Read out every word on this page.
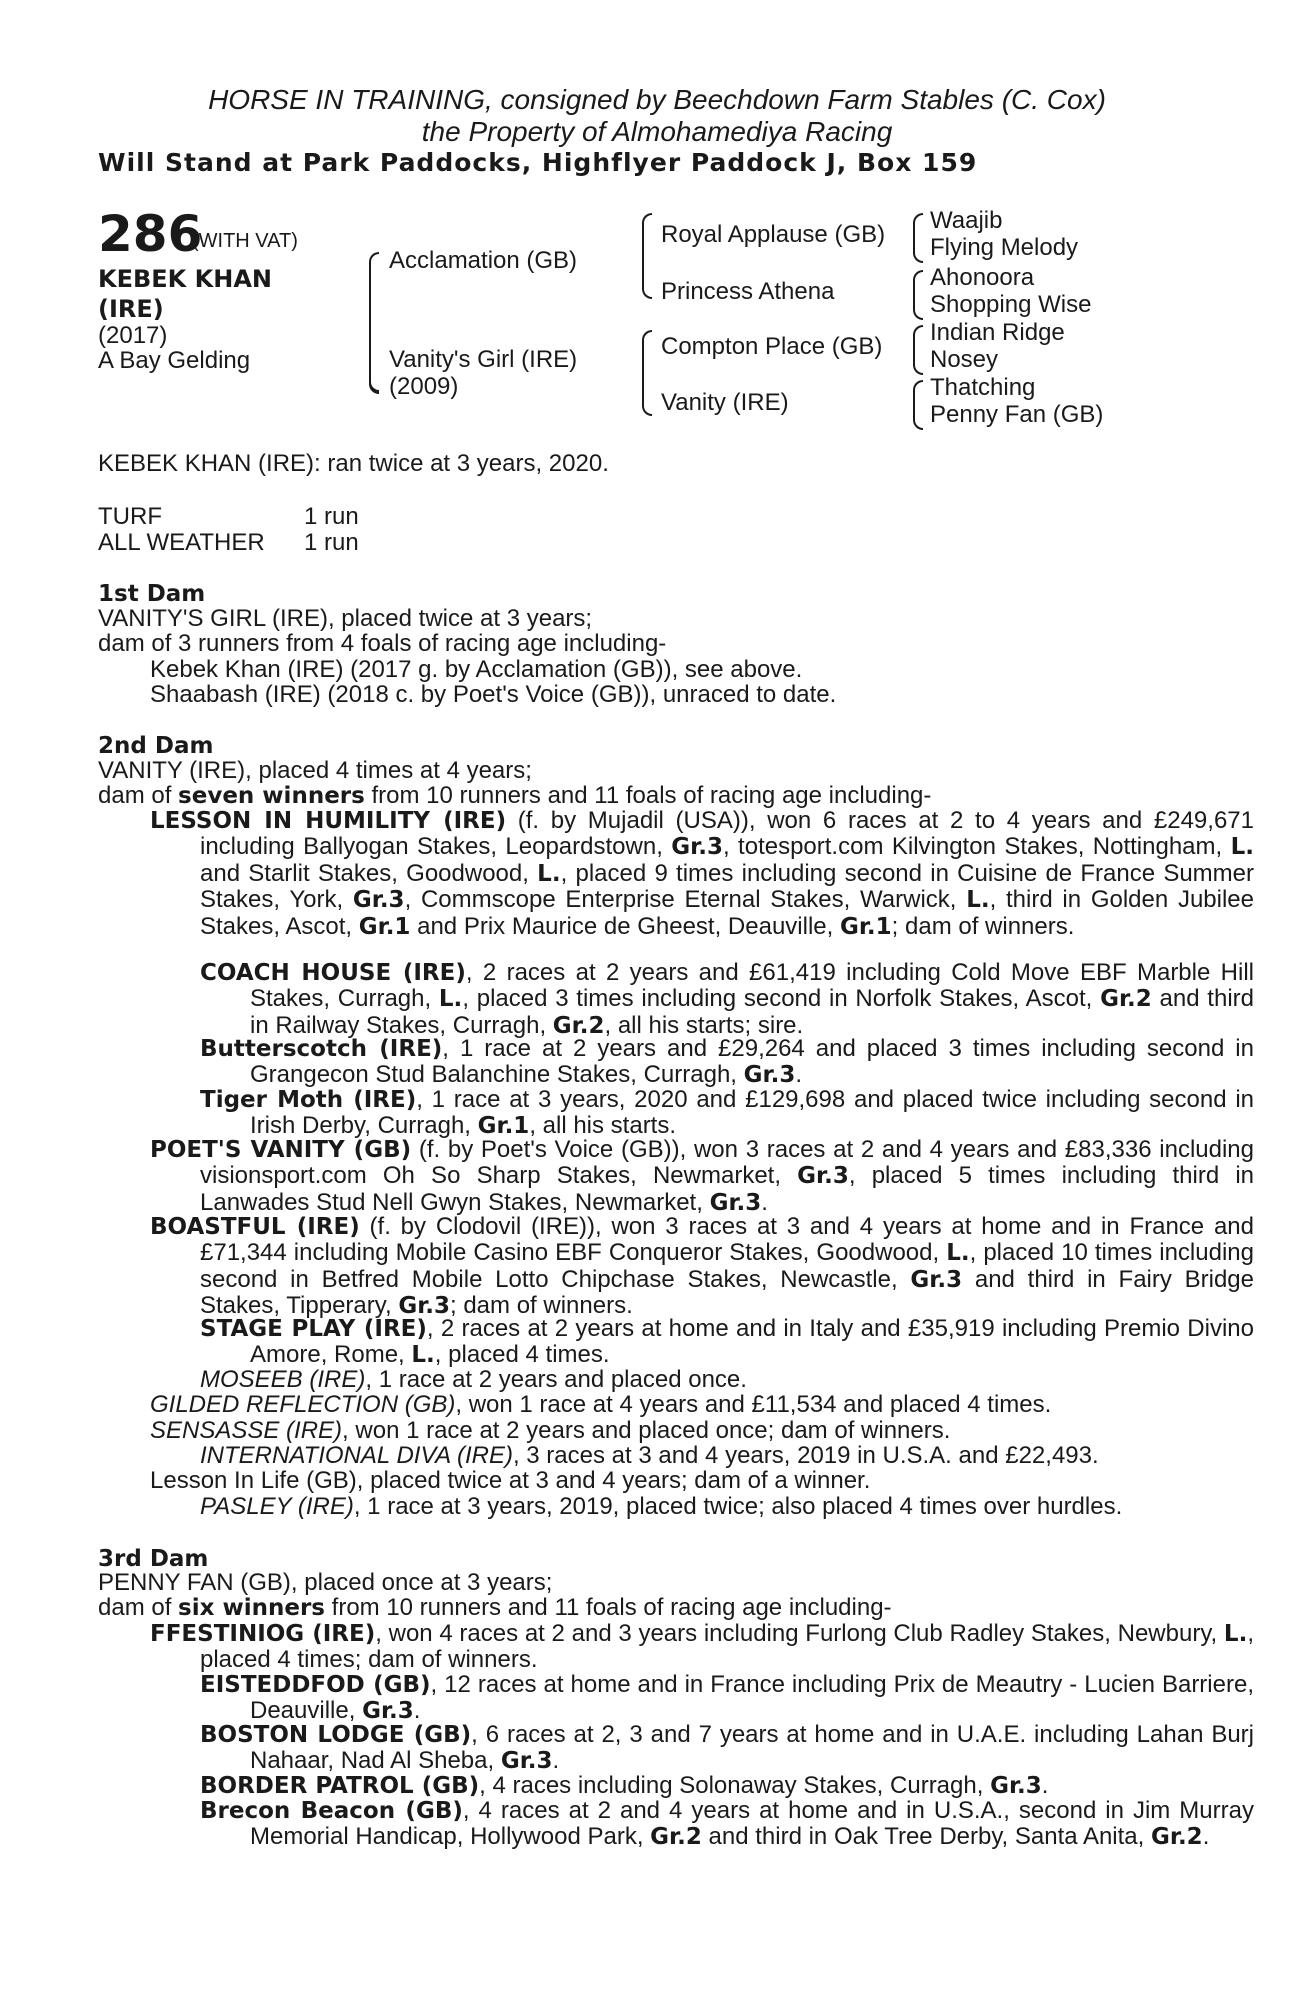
HORSE IN TRAINING, consigned by Beechdown Farm Stables (C. Cox)
the Property of Almohamediya Racing
Will Stand at Park Paddocks, Highflyer Paddock J, Box 159
286
(WITH VAT)
KEBEK KHAN (IRE)
(2017)
A Bay Gelding
Acclamation (GB)
Vanity's Girl (IRE)
(2009)
Royal Applause (GB)
Princess Athena
Compton Place (GB)
Vanity (IRE)
Waajib
Flying Melody
Ahonoora
Shopping Wise
Indian Ridge
Nosey
Thatching
Penny Fan (GB)
KEBEK KHAN (IRE): ran twice at 3 years, 2020.
TURF	1 run
ALL WEATHER 1 run
1st Dam
VANITY'S GIRL (IRE), placed twice at 3 years;
dam of 3 runners from 4 foals of racing age including-
Kebek Khan (IRE) (2017 g. by Acclamation (GB)), see above.
Shaabash (IRE) (2018 c. by Poet's Voice (GB)), unraced to date.
2nd Dam
VANITY (IRE), placed 4 times at 4 years;
dam of seven winners from 10 runners and 11 foals of racing age including-
LESSON IN HUMILITY (IRE) (f. by Mujadil (USA)), won 6 races at 2 to 4 years and £249,671 including Ballyogan Stakes, Leopardstown, Gr.3, totesport.com Kilvington Stakes, Nottingham, L. and Starlit Stakes, Goodwood, L., placed 9 times including second in Cuisine de France Summer Stakes, York, Gr.3, Commscope Enterprise Eternal Stakes, Warwick, L., third in Golden Jubilee Stakes, Ascot, Gr.1 and Prix Maurice de Gheest, Deauville, Gr.1; dam of winners.
COACH HOUSE (IRE), 2 races at 2 years and £61,419 including Cold Move EBF Marble Hill Stakes, Curragh, L., placed 3 times including second in Norfolk Stakes, Ascot, Gr.2 and third in Railway Stakes, Curragh, Gr.2, all his starts; sire.
Butterscotch (IRE), 1 race at 2 years and £29,264 and placed 3 times including second in Grangecon Stud Balanchine Stakes, Curragh, Gr.3.
Tiger Moth (IRE), 1 race at 3 years, 2020 and £129,698 and placed twice including second in Irish Derby, Curragh, Gr.1, all his starts.
POET'S VANITY (GB) (f. by Poet's Voice (GB)), won 3 races at 2 and 4 years and £83,336 including visionsport.com Oh So Sharp Stakes, Newmarket, Gr.3, placed 5 times including third in Lanwades Stud Nell Gwyn Stakes, Newmarket, Gr.3.
BOASTFUL (IRE) (f. by Clodovil (IRE)), won 3 races at 3 and 4 years at home and in France and £71,344 including Mobile Casino EBF Conqueror Stakes, Goodwood, L., placed 10 times including second in Betfred Mobile Lotto Chipchase Stakes, Newcastle, Gr.3 and third in Fairy Bridge Stakes, Tipperary, Gr.3; dam of winners.
STAGE PLAY (IRE), 2 races at 2 years at home and in Italy and £35,919 including Premio Divino Amore, Rome, L., placed 4 times.
MOSEEB (IRE), 1 race at 2 years and placed once.
GILDED REFLECTION (GB), won 1 race at 4 years and £11,534 and placed 4 times.
SENSASSE (IRE), won 1 race at 2 years and placed once; dam of winners.
INTERNATIONAL DIVA (IRE), 3 races at 3 and 4 years, 2019 in U.S.A. and £22,493.
Lesson In Life (GB), placed twice at 3 and 4 years; dam of a winner.
PASLEY (IRE), 1 race at 3 years, 2019, placed twice; also placed 4 times over hurdles.
3rd Dam
PENNY FAN (GB), placed once at 3 years;
dam of six winners from 10 runners and 11 foals of racing age including-
FFESTINIOG (IRE), won 4 races at 2 and 3 years including Furlong Club Radley Stakes, Newbury, L., placed 4 times; dam of winners.
EISTEDDFOD (GB), 12 races at home and in France including Prix de Meautry - Lucien Barriere, Deauville, Gr.3.
BOSTON LODGE (GB), 6 races at 2, 3 and 7 years at home and in U.A.E. including Lahan Burj Nahaar, Nad Al Sheba, Gr.3.
BORDER PATROL (GB), 4 races including Solonaway Stakes, Curragh, Gr.3.
Brecon Beacon (GB), 4 races at 2 and 4 years at home and in U.S.A., second in Jim Murray Memorial Handicap, Hollywood Park, Gr.2 and third in Oak Tree Derby, Santa Anita, Gr.2.
